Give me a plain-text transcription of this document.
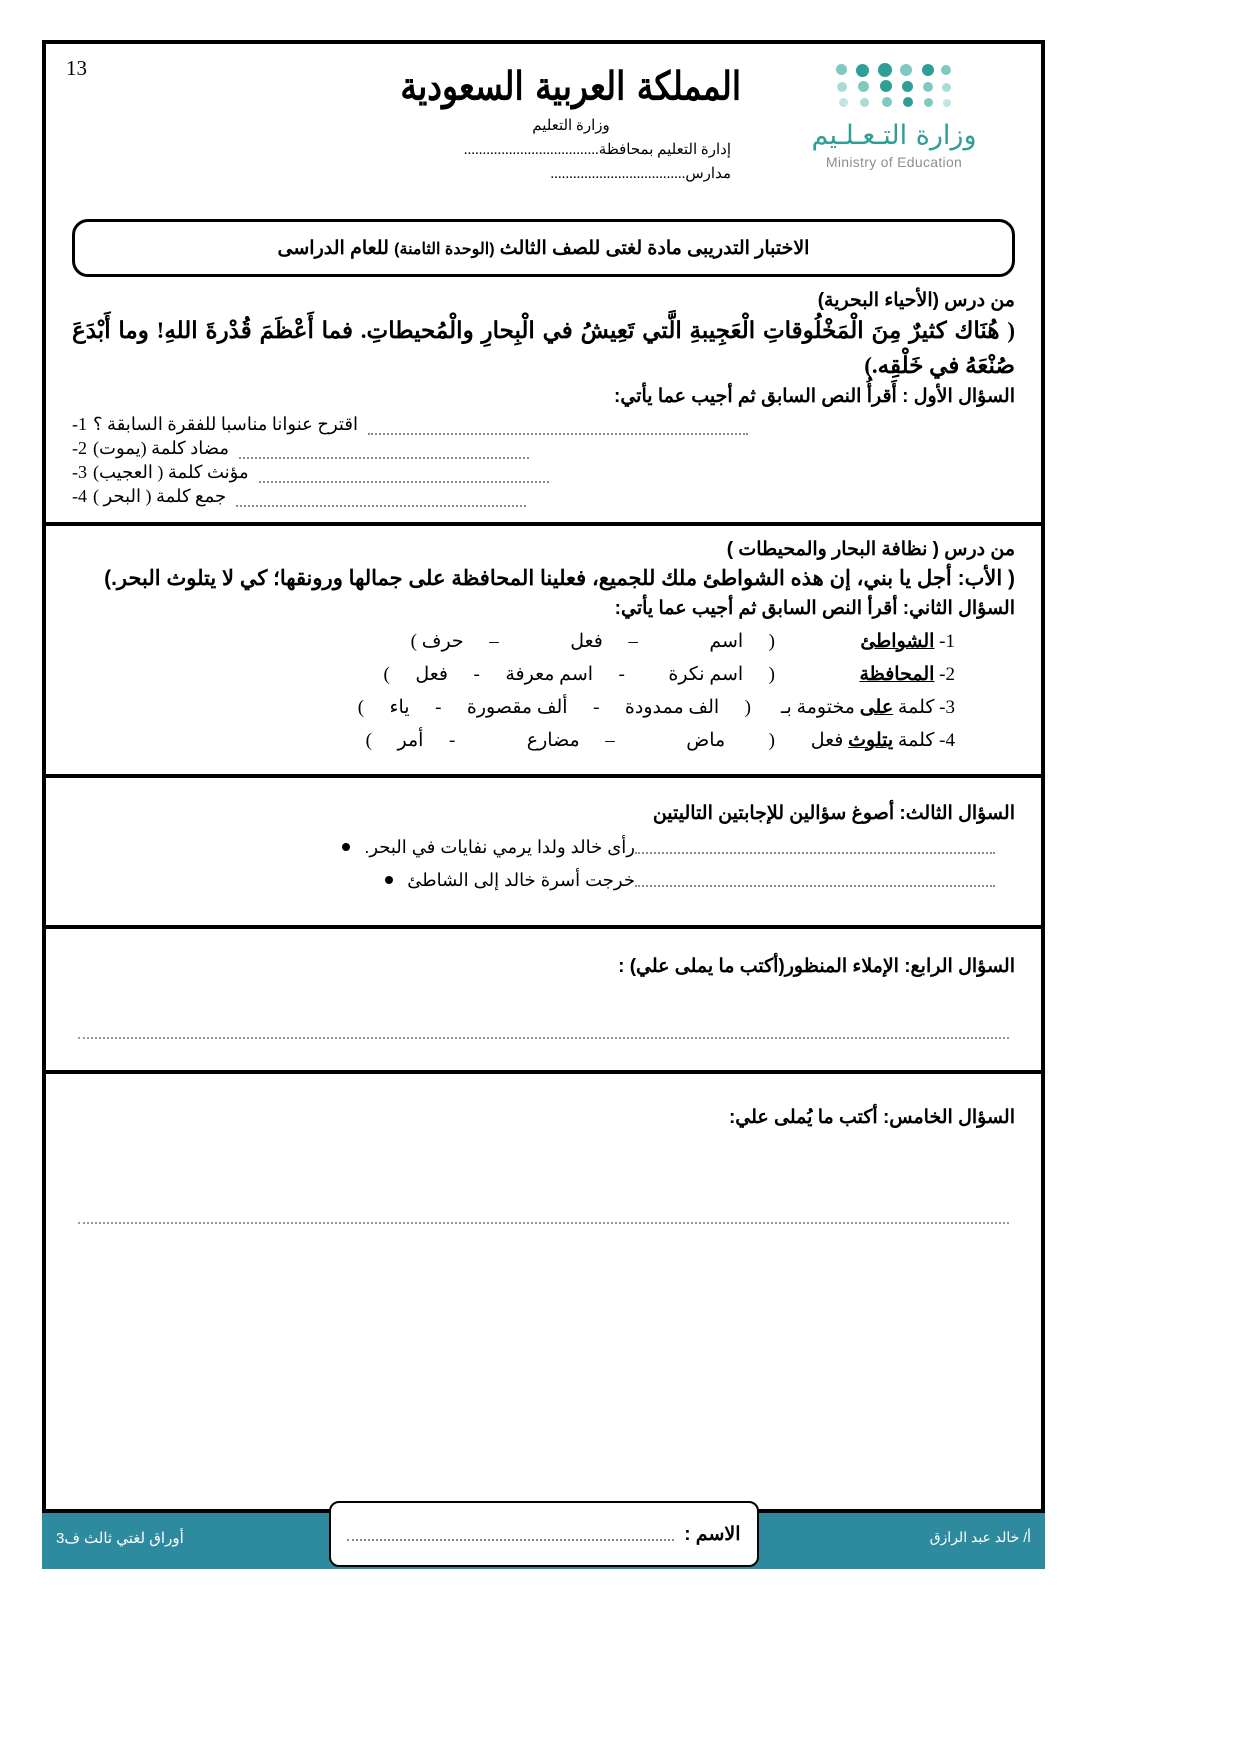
13	المملكة العربية السعودية
وزارة التعليم
إدارة التعليم بمحافظة....................................
مدارس....................................
وزارة التـعـلـيم
Ministry of Education
الاختبار التدريبى مادة لغتى للصف الثالث (الوحدة الثامنة) للعام الدراسى
من درس (الأحياء البحرية)
( هُنَاك كثيرٌ مِنَ الْمَخْلُوقاتِ الْعَجِيبةِ الَّتي تَعِيشُ في الْبِحارِ والْمُحيطاتِ. فما أَعْظَمَ قُدْرةَ اللهِ! وما أَبْدَعَ صُنْعَهُ في خَلْقِه.)
السؤال الأول : أَقرأُ النص السابق ثم أجيب عما يأتي:
اقترح عنوانا مناسبا للفقرة السابقة ؟
1-
مضاد كلمة (يموت)
2-
مؤنث كلمة ( العجيب)
3-
جمع كلمة ( البحر )
4-
من درس ( نظافة البحار والمحيطات )
( الأب: أجل يا بني، إن هذه الشواطئ ملك للجميع، فعلينا المحافظة على جمالها ورونقها؛ كي لا يتلوث البحر.)
السؤال الثاني: أقرأ النص السابق ثم أجيب عما يأتي:
1- الشواطئ
(  اسم  –  فعل  –  حرف )
2- المحافظة
(  اسم نكرة  -  اسم معرفة  -  فعل  )
3- كلمة على مختومة بـ
(  الف ممدودة  -  ألف مقصورة  -  ياء  )
4- كلمة يتلوث فعل
(  ماض  –  مضارع  -  أمر  )
السؤال الثالث: أصوغ سؤالين للإجابتين التاليتين
رأى خالد ولدا يرمي نفايات في البحر.
خرجت أسرة خالد إلى الشاطئ
السؤال الرابع: الإملاء المنظور(أكتب ما يملى علي) :
السؤال الخامس: أكتب ما يُملى علي:
أوراق لغتي ثالث ف3	أ/ خالد عبد الرازق
الاسم :
